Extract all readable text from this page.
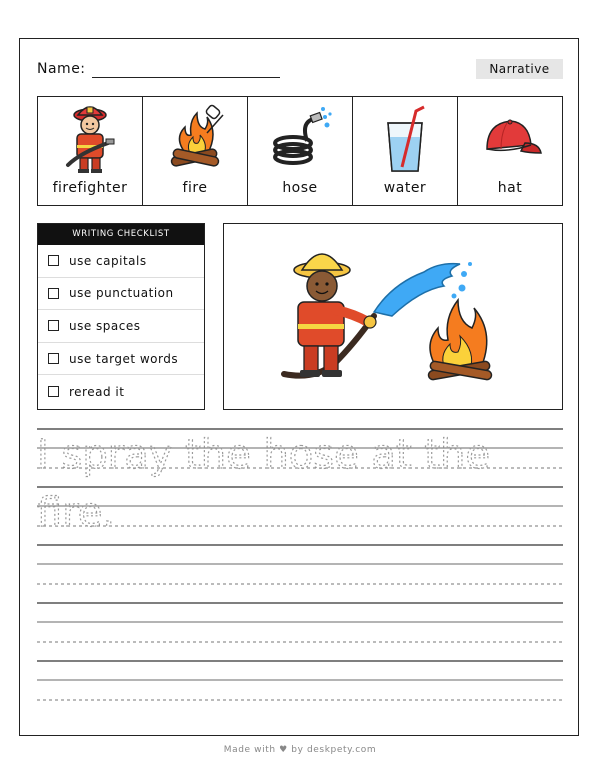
Name:	Narrative
firefighter	fire	hose	water	hat
WRITING CHECKLIST
use capitals
use punctuation
use spaces
use target words
reread it
I spray the hose at the
fire.
Made with ♥ by deskpety.com
